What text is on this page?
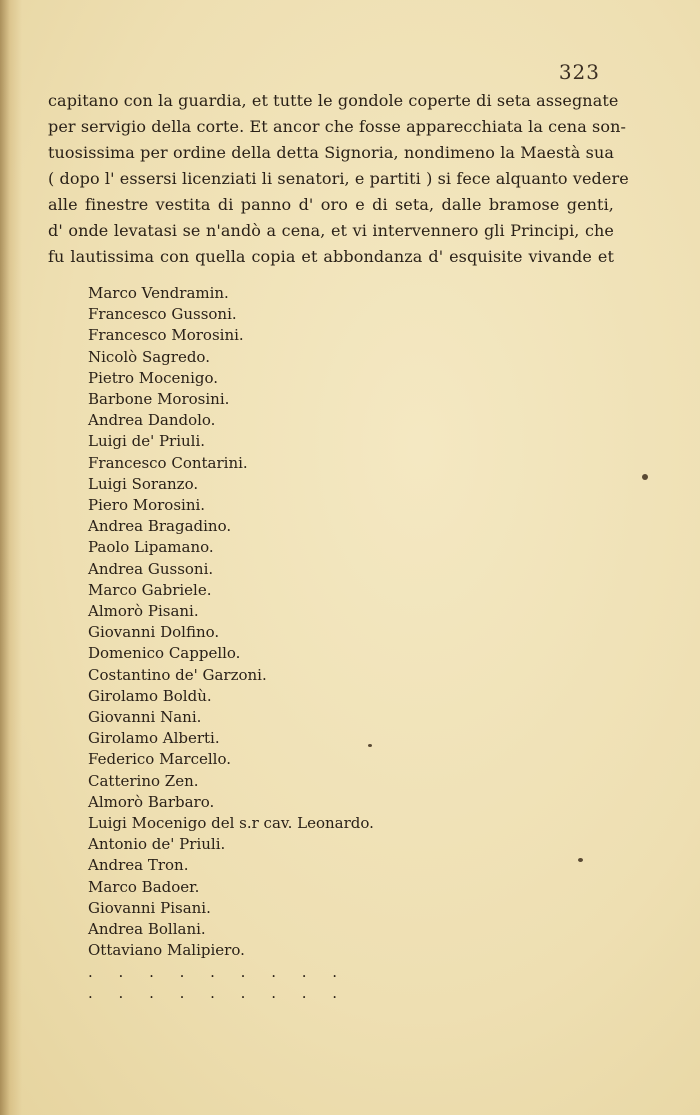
323
capitano con la guardia, et tutte le gondole coperte di seta assegnate
per servigio della corte. Et ancor che fosse apparecchiata la cena son-
tuosissima per ordine della detta Signoria, nondimeno la Maestà sua
( dopo l' essersi licenziati li senatori, e partiti ) si fece alquanto vedere
alle finestre vestita di panno d' oro e di seta, dalle bramose genti,
d' onde levatasi se n'andò a cena, et vi intervennero gli Principi, che
fu lautissima con quella copia et abbondanza d' esquisite vivande et
Marco Vendramin.
Francesco Gussoni.
Francesco Morosini.
Nicolò Sagredo.
Pietro Mocenigo.
Barbone Morosini.
Andrea Dandolo.
Luigi de' Priuli.
Francesco Contarini.
Luigi Soranzo.
Piero Morosini.
Andrea Bragadino.
Paolo Lipamano.
Andrea Gussoni.
Marco Gabriele.
Almorò Pisani.
Giovanni Dolfino.
Domenico Cappello.
Costantino de' Garzoni.
Girolamo Boldù.
Giovanni Nani.
Girolamo Alberti.
Federico Marcello.
Catterino Zen.
Almorò Barbaro.
Luigi Mocenigo del s.r cav. Leonardo.
Antonio de' Priuli.
Andrea Tron.
Marco Badoer.
Giovanni Pisani.
Andrea Bollani.
Ottaviano Malipiero.
. . . . . . . . .
. . . . . . . . .
